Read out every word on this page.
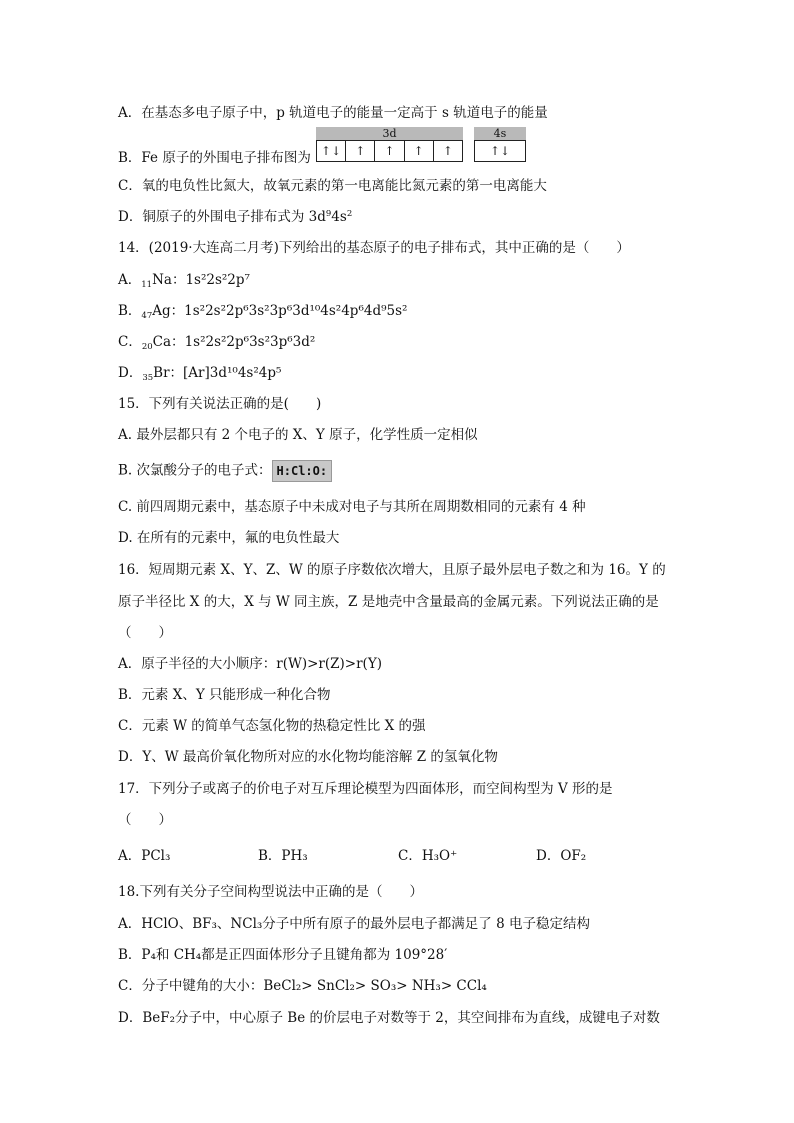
A．在基态多电子原子中，p 轨道电子的能量一定高于 s 轨道电子的能量
B．Fe 原子的外围电子排布图为
3d
↑↓	↑	↑	↑	↑
4s
↑↓
C．氧的电负性比氮大，故氧元素的第一电离能比氮元素的第一电离能大
D．铜原子的外围电子排布式为 $3d^94s^2$
14．(2019·大连高二月考)下列给出的基态原子的电子排布式，其中正确的是（　　）
A．$_{11}$Na：1s²2s²2p⁷
B．$_{47}$Ag：1s²2s²2p⁶3s²3p⁶3d¹⁰4s²4p⁶4d⁹5s²
C．$_{20}$Ca：1s²2s²2p⁶3s²3p⁶3d²
D．$_{35}$Br：[Ar]3d¹⁰4s²4p⁵
15．下列有关说法正确的是(　　)
A. 最外层都只有 2 个电子的 X、Y 原子，化学性质一定相似
B. 次氯酸分子的电子式： H:Cl:O:
C. 前四周期元素中，基态原子中未成对电子与其所在周期数相同的元素有 4 种
D. 在所有的元素中，氟的电负性最大
16．短周期元素 X、Y、Z、W 的原子序数依次增大，且原子最外层电子数之和为 16。Y 的
原子半径比 X 的大，X 与 W 同主族，Z 是地壳中含量最高的金属元素。下列说法正确的是
（　　）
A．原子半径的大小顺序：r(W)>r(Z)>r(Y)
B．元素 X、Y 只能形成一种化合物
C．元素 W 的简单气态氢化物的热稳定性比 X 的强
D．Y、W 最高价氧化物所对应的水化物均能溶解 Z 的氢氧化物
17．下列分子或离子的价电子对互斥理论模型为四面体形，而空间构型为 V 形的是
（　　）
A．PCl₃	B．PH₃	C．H₃O⁺	D．OF₂
18.下列有关分子空间构型说法中正确的是（　　）
A．HClO、BF₃、NCl₃分子中所有原子的最外层电子都满足了 8 电子稳定结构
B．P₄和 CH₄都是正四面体形分子且键角都为 109°28′
C．分子中键角的大小：BeCl₂> SnCl₂> SO₃> NH₃> CCl₄
D．BeF₂分子中，中心原子 Be 的价层电子对数等于 2，其空间排布为直线，成键电子对数
